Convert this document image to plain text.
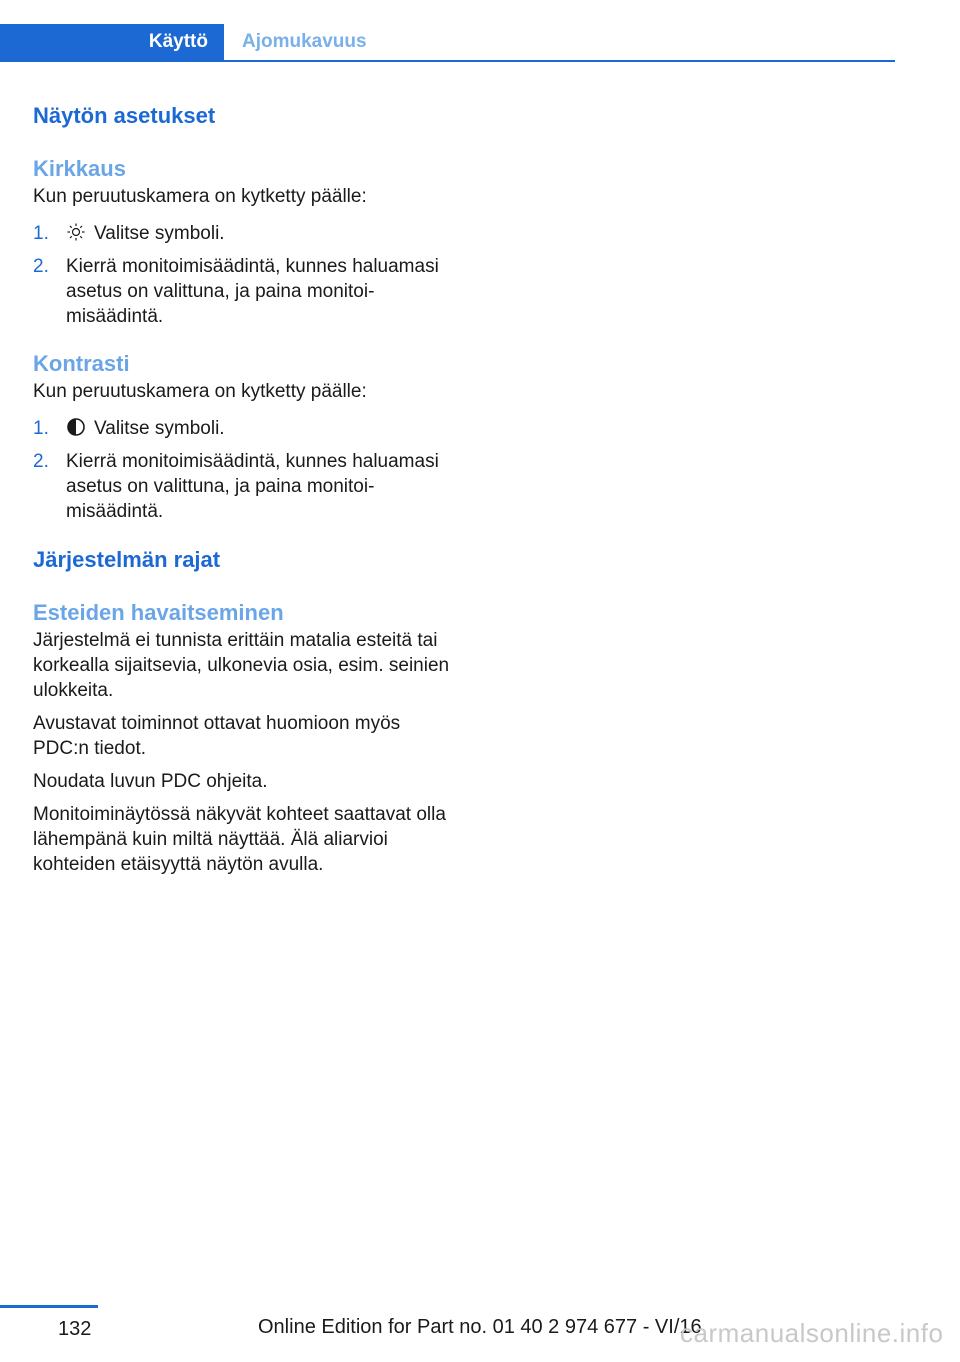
Käyttö	Ajomukavuus
Näytön asetukset
Kirkkaus

Kun peruutuskamera on kytketty päälle:

1. Valitse symboli.
2. Kierrä monitoimisäädintä, kunnes haluamasi asetus on valittuna, ja paina monitoimisäädintä.
Kontrasti

Kun peruutuskamera on kytketty päälle:

1. Valitse symboli.
2. Kierrä monitoimisäädintä, kunnes haluamasi asetus on valittuna, ja paina monitoimisäädintä.
Järjestelmän rajat
Esteiden havaitseminen

Järjestelmä ei tunnista erittäin matalia esteitä tai korkealla sijaitsevia, ulkonevia osia, esim. seinien ulokkeita.

Avustavat toiminnot ottavat huomioon myös PDC:n tiedot.

Noudata luvun PDC ohjeita.

Monitoiminäytössä näkyvät kohteet saattavat olla lähempänä kuin miltä näyttää. Älä aliarvioi kohteiden etäisyyttä näytön avulla.

132	Online Edition for Part no. 01 40 2 974 677 - VI/16
carmanualsonline.info
